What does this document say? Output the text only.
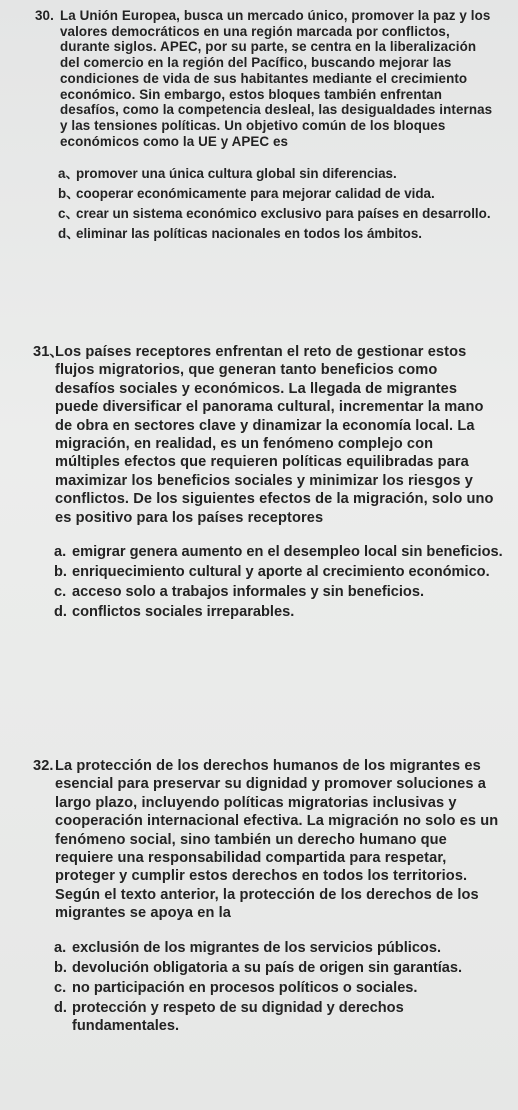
30. La Unión Europea, busca un mercado único, promover la paz y los valores democráticos en una región marcada por conflictos, durante siglos. APEC, por su parte, se centra en la liberalización del comercio en la región del Pacífico, buscando mejorar las condiciones de vida de sus habitantes mediante el crecimiento económico. Sin embargo, estos bloques también enfrentan desafíos, como la competencia desleal, las desigualdades internas y las tensiones políticas. Un objetivo común de los bloques económicos como la UE y APEC es
a、
promover una única cultura global sin diferencias.
b、
cooperar económicamente para mejorar calidad de vida.
c、
crear un sistema económico exclusivo para países en desarrollo.
d、
eliminar las políticas nacionales en todos los ámbitos.
31、
Los países receptores enfrentan el reto de gestionar estos flujos migratorios, que generan tanto beneficios como desafíos sociales y económicos. La llegada de migrantes puede diversificar el panorama cultural, incrementar la mano de obra en sectores clave y dinamizar la economía local. La migración, en realidad, es un fenómeno complejo con múltiples efectos que requieren políticas equilibradas para maximizar los beneficios sociales y minimizar los riesgos y conflictos. De los siguientes efectos de la migración, solo uno es positivo para los países receptores
a. emigrar genera aumento en el desempleo local sin beneficios.
b. enriquecimiento cultural y aporte al crecimiento económico.
c. acceso solo a trabajos informales y sin beneficios.
d. conflictos sociales irreparables.
32. La protección de los derechos humanos de los migrantes es esencial para preservar su dignidad y promover soluciones a largo plazo, incluyendo políticas migratorias inclusivas y cooperación internacional efectiva. La migración no solo es un fenómeno social, sino también un derecho humano que requiere una responsabilidad compartida para respetar, proteger y cumplir estos derechos en todos los territorios. Según el texto anterior, la protección de los derechos de los migrantes se apoya en la
a. exclusión de los migrantes de los servicios públicos.
b. devolución obligatoria a su país de origen sin garantías.
c. no participación en procesos políticos o sociales.
d. protección y respeto de su dignidad y derechos fundamentales.
